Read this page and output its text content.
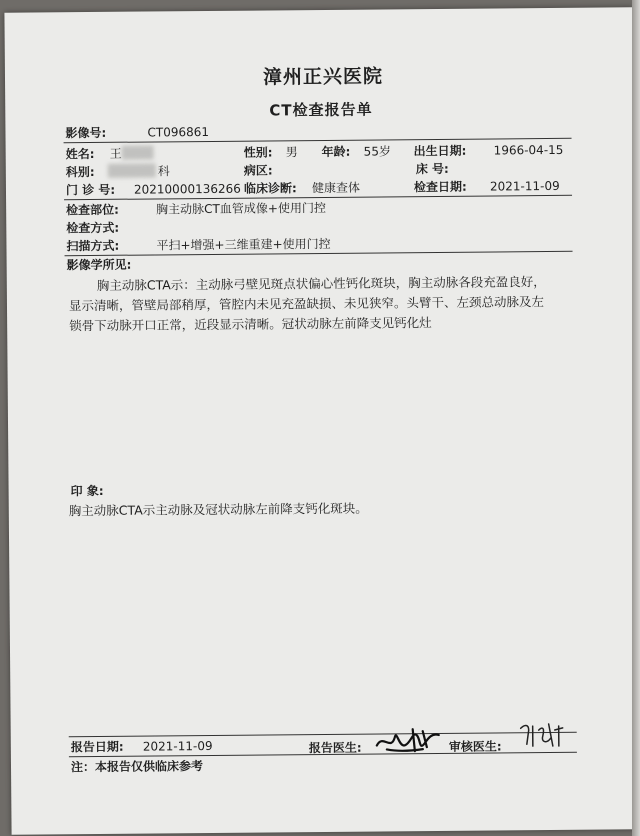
漳州正兴医院
CT检查报告单
影像号:	CT096861
姓名: 王	性别: 男 年龄: 55岁 出生日期: 1966-04-15
科别:	科	病区:	床 号:
门 诊 号: 20210000136266 临床诊断: 健康查体	检查日期: 2021-11-09
检查部位:	胸主动脉CT血管成像+使用门控
检查方式:
扫描方式:	平扫+增强+三维重建+使用门控
影像学所见:
胸主动脉CTA示：主动脉弓壁见斑点状偏心性钙化斑块，胸主动脉各段充盈良好，
显示清晰，管壁局部稍厚，管腔内未见充盈缺损、未见狭窄。头臂干、左颈总动脉及左
锁骨下动脉开口正常，近段显示清晰。冠状动脉左前降支见钙化灶
印 象:
胸主动脉CTA示主动脉及冠状动脉左前降支钙化斑块。
报告日期: 2021-11-09	报告医生:	审核医生:
注：本报告仅供临床参考
